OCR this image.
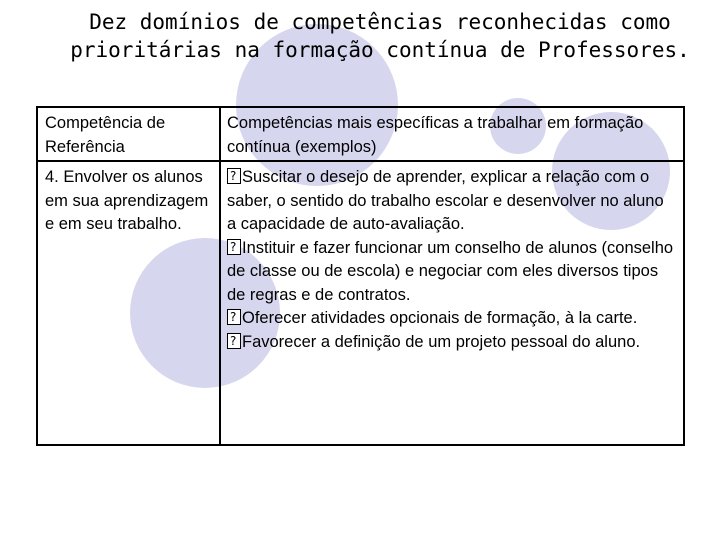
Dez domínios de competências reconhecidas como prioritárias na formação contínua de Professores.
Competência de Referência
Competências mais específicas a trabalhar em formação contínua (exemplos)
4. Envolver os alunos em sua aprendizagem e em seu trabalho.
?Suscitar o desejo de aprender, explicar a relação com o saber, o sentido do trabalho escolar e desenvolver no aluno a capacidade de auto-avaliação.
?Instituir e fazer funcionar um conselho de alunos (conselho de classe ou de escola) e negociar com eles diversos tipos de regras e de contratos.
?Oferecer atividades opcionais de formação, à la carte.
?Favorecer a definição de um projeto pessoal do aluno.
